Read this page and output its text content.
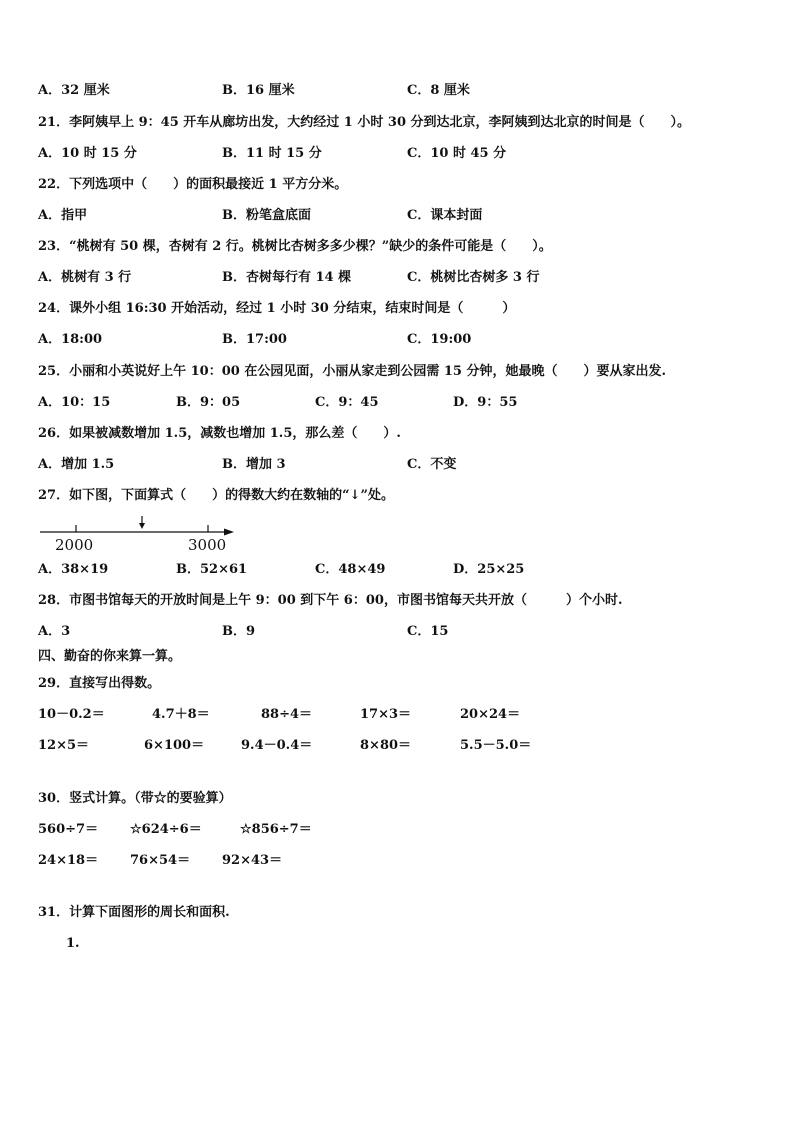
A．32 厘米	B．16 厘米	C．8 厘米
21．李阿姨早上 9：45 开车从廊坊出发，大约经过 1 小时 30 分到达北京，李阿姨到达北京的时间是（　　）。
A．10 时 15 分	B．11 时 15 分	C．10 时 45 分
22．下列选项中（　　）的面积最接近 1 平方分米。
A．指甲	B．粉笔盒底面	C．课本封面
23．“桃树有 50 棵，杏树有 2 行。桃树比杏树多多少棵？”缺少的条件可能是（　　）。
A．桃树有 3 行	B．杏树每行有 14 棵	C．桃树比杏树多 3 行
24．课外小组 16:30 开始活动，经过 1 小时 30 分结束，结束时间是（　　　）
A．18:00	B．17:00	C．19:00
25．小丽和小英说好上午 10：00 在公园见面，小丽从家走到公园需 15 分钟，她最晚（　　）要从家出发.
A．10：15	B．9：05	C．9：45	D．9：55
26．如果被减数增加 1.5，减数也增加 1.5，那么差（　　）.
A．增加 1.5	B．增加 3	C．不变
27．如下图，下面算式（　　）的得数大约在数轴的“↓”处。
2000	3000
A．38×19	B．52×61	C．48×49	D．25×25
28．市图书馆每天的开放时间是上午 9：00 到下午 6：00，市图书馆每天共开放（　　　）个小时.
A．3	B．9	C．15
四、勤奋的你来算一算。
29．直接写出得数。
10－0.2＝	4.7＋8＝	88÷4＝	17×3＝	20×24＝
12×5＝	6×100＝	9.4－0.4＝	8×80＝	5.5－5.0＝
30．竖式计算。（带☆的要验算）
560÷7＝ ☆624÷6＝	☆856÷7＝
24×18＝ 76×54＝ 92×43＝
31．计算下面图形的周长和面积.
1.
